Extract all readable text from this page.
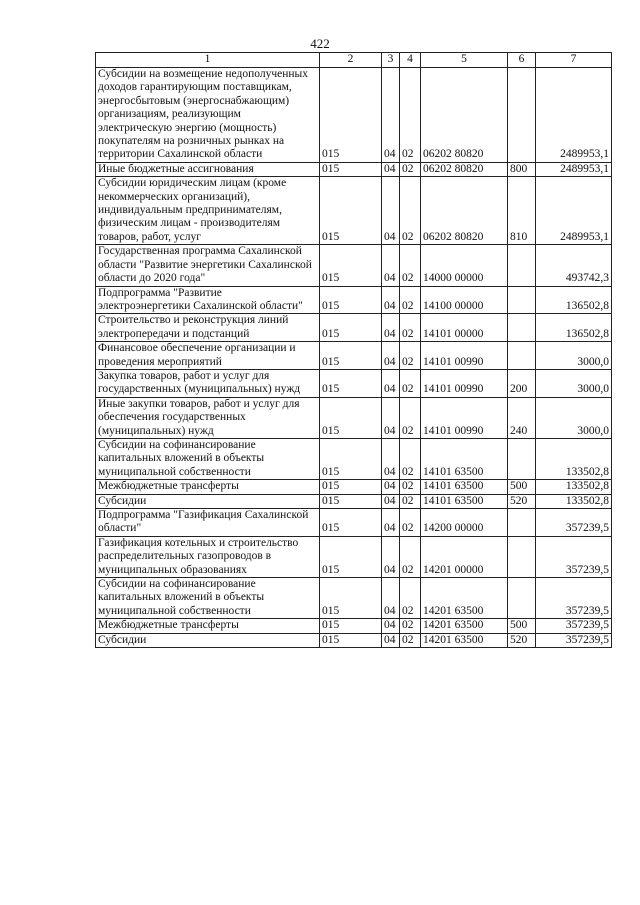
422
1	2	3	4	5	6	7
Субсидии на возмещение недополученных доходов гарантирующим поставщикам, энергосбытовым (энергоснабжающим) организациям, реализующим электрическую энергию (мощность) покупателям на розничных рынках на территории Сахалинской области	015	04	02	06202 80820		2489953,1
Иные бюджетные ассигнования	015	04	02	06202 80820	800	2489953,1
Субсидии юридическим лицам (кроме некоммерческих организаций), индивидуальным предпринимателям, физическим лицам - производителям товаров, работ, услуг	015	04	02	06202 80820	810	2489953,1
Государственная программа Сахалинской области "Развитие энергетики Сахалинской области до 2020 года"	015	04	02	14000 00000		493742,3
Подпрограмма "Развитие электроэнергетики Сахалинской области"	015	04	02	14100 00000		136502,8
Строительство и реконструкция линий электропередачи и подстанций	015	04	02	14101 00000		136502,8
Финансовое обеспечение организации и проведения мероприятий	015	04	02	14101 00990		3000,0
Закупка товаров, работ и услуг для государственных (муниципальных) нужд	015	04	02	14101 00990	200	3000,0
Иные закупки товаров, работ и услуг для обеспечения государственных (муниципальных) нужд	015	04	02	14101 00990	240	3000,0
Субсидии на софинансирование капитальных вложений в объекты муниципальной собственности	015	04	02	14101 63500		133502,8
Межбюджетные трансферты	015	04	02	14101 63500	500	133502,8
Субсидии	015	04	02	14101 63500	520	133502,8
Подпрограмма "Газификация Сахалинской области"	015	04	02	14200 00000		357239,5
Газификация котельных и строительство распределительных газопроводов в муниципальных образованиях	015	04	02	14201 00000		357239,5
Субсидии на софинансирование капитальных вложений в объекты муниципальной собственности	015	04	02	14201 63500		357239,5
Межбюджетные трансферты	015	04	02	14201 63500	500	357239,5
Субсидии	015	04	02	14201 63500	520	357239,5
